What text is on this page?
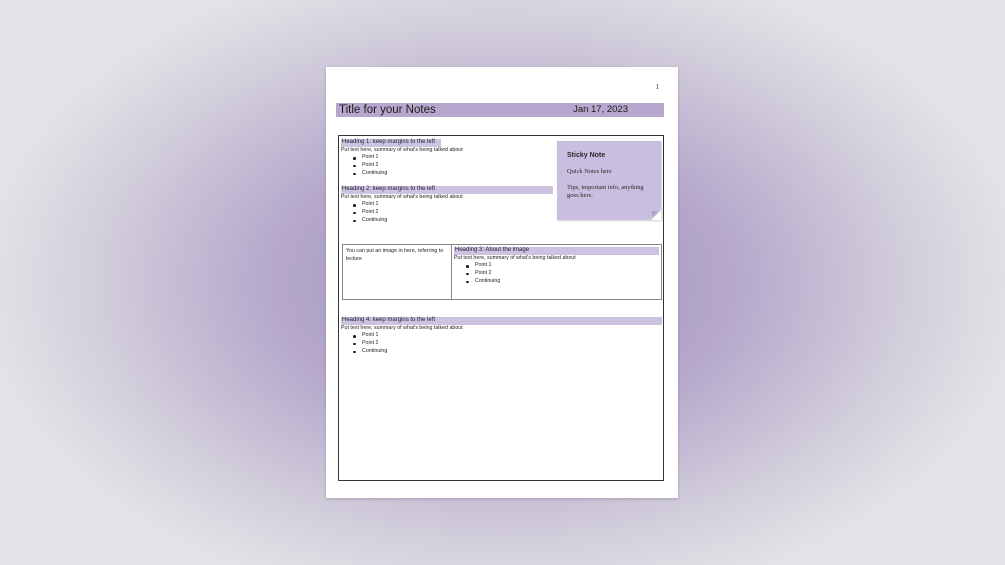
1
Title for your Notes	Jan 17, 2023
Heading 1: keep margins to the left
Put text here, summary of what's being talked about
Point 1
Point 2
Continuing
Heading 2: keep margins to the left
Put text here, summary of what's being talked about
Point 1
Point 2
Continuing
Sticky Note
Quick Notes here
Tips, important info, anything goes here.
You can put an image in here, referring to lecture
Heading 3: About the image
Put text here, summary of what's being talked about
Point 1
Point 2
Continuing
Heading 4: keep margins to the left
Put text here, summary of what's being talked about
Point 1
Point 2
Continuing
